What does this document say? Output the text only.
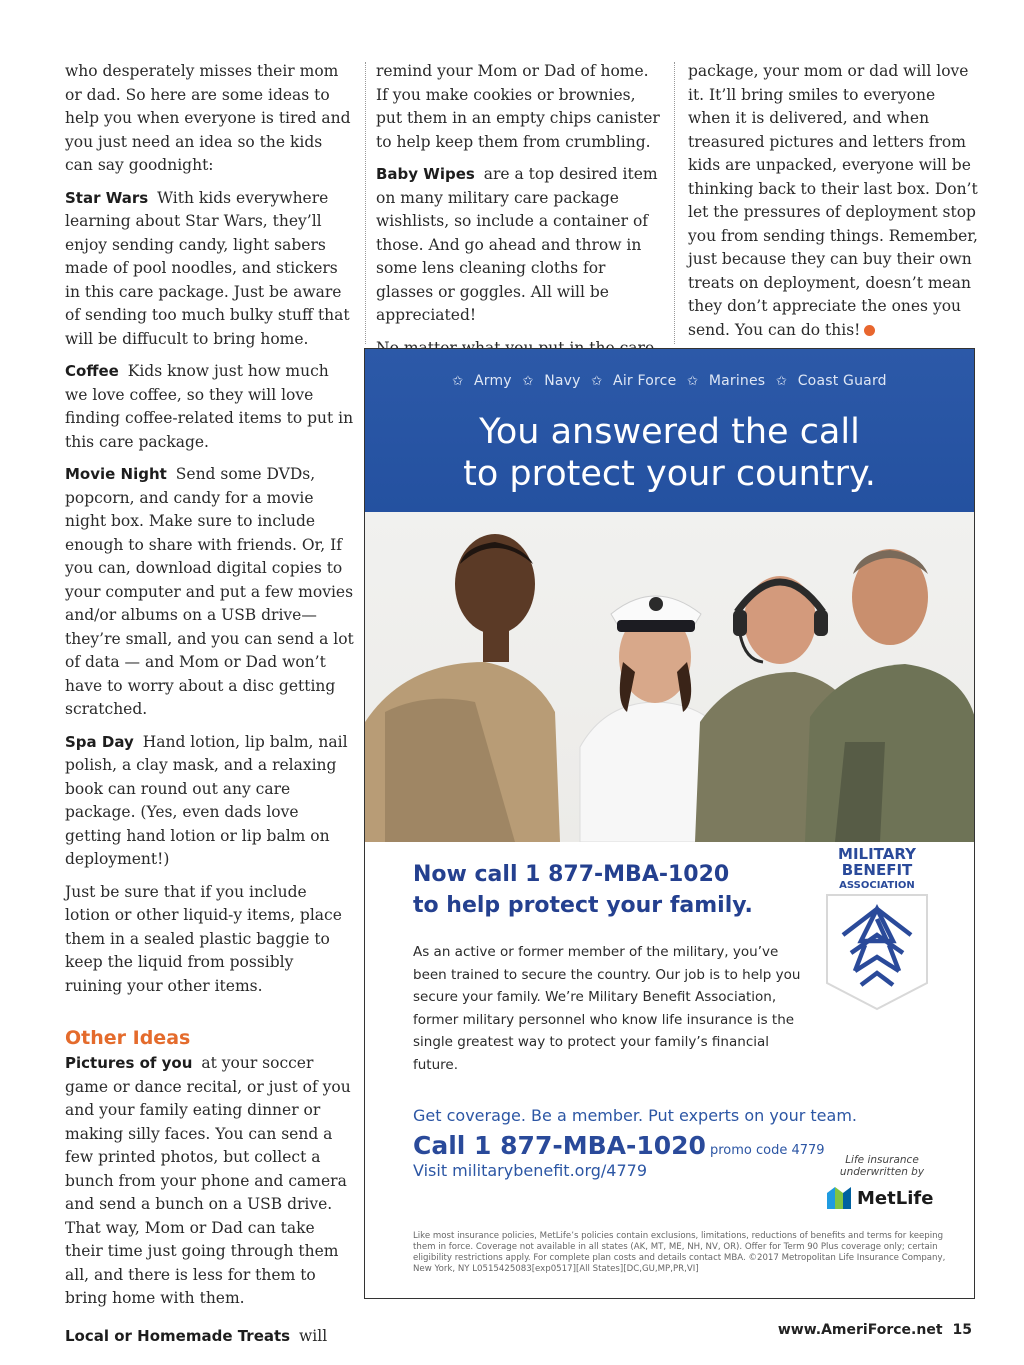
who desperately misses their mom or dad. So here are some ideas to help you when everyone is tired and you just need an idea so the kids can say goodnight:

Star Wars With kids everywhere learning about Star Wars, they’ll enjoy sending candy, light sabers made of pool noodles, and stickers in this care package. Just be aware of sending too much bulky stuff that will be diffucult to bring home.

Coffee Kids know just how much we love coffee, so they will love finding coffee-related items to put in this care package.

Movie Night Send some DVDs, popcorn, and candy for a movie night box. Make sure to include enough to share with friends. Or, If you can, download digital copies to your computer and put a few movies and/or albums on a USB drive—they’re small, and you can send a lot of data — and Mom or Dad won’t have to worry about a disc getting scratched.

Spa Day Hand lotion, lip balm, nail polish, a clay mask, and a relaxing book can round out any care package. (Yes, even dads love getting hand lotion or lip balm on deployment!)

Just be sure that if you include lotion or other liquid-y items, place them in a sealed plastic baggie to keep the liquid from possibly ruining your other items.

Other Ideas

Pictures of you at your soccer game or dance recital, or just of you and your family eating dinner or making silly faces. You can send a few printed photos, but collect a bunch from your phone and camera and send a bunch on a USB drive. That way, Mom or Dad can take their time just going through them all, and there is less for them to bring home with them.

Local or Homemade Treats will

remind your Mom or Dad of home. If you make cookies or brownies, put them in an empty chips canister to help keep them from crumbling.

Baby Wipes are a top desired item on many military care package wishlists, so include a container of those. And go ahead and throw in some lens cleaning cloths for glasses or goggles. All will be appreciated!

package, your mom or dad will love it. It’ll bring smiles to everyone when it is delivered, and when treasured pictures and letters from kids are unpacked, everyone will be thinking back to their last box. Don’t let the pressures of deployment stop you from sending things. Remember, just because they can buy their own treats on deployment, doesn’t mean they don’t appreciate the ones you send. You can do this!

✩ Army ✩ Navy ✩ Air Force ✩ Marines ✩ Coast Guard
You answered the call
to protect your country.
Now call 1 877-MBA-1020
to help protect your family.
MILITARY
BENEFIT
ASSOCIATION
As an active or former member of the military, you’ve been trained to secure the country. Our job is to help you secure your family. We’re Military Benefit Association, former military personnel who know life insurance is the single greatest way to protect your family’s financial future.
Get coverage. Be a member. Put experts on your team.
Call 1 877-MBA-1020 promo code 4779
Visit militarybenefit.org/4779
Life insurance underwritten by
MetLife
Like most insurance policies, MetLife’s policies contain exclusions, limitations, reductions of benefits and terms for keeping them in force. Coverage not available in all states (AK, MT, ME, NH, NV, OR). Offer for Term 90 Plus coverage only; certain eligibility restrictions apply. For complete plan costs and details contact MBA. ©2017 Metropolitan Life Insurance Company, New York, NY L0515425083[exp0517][All States][DC,GU,MP,PR,VI]
www.AmeriForce.net 15
